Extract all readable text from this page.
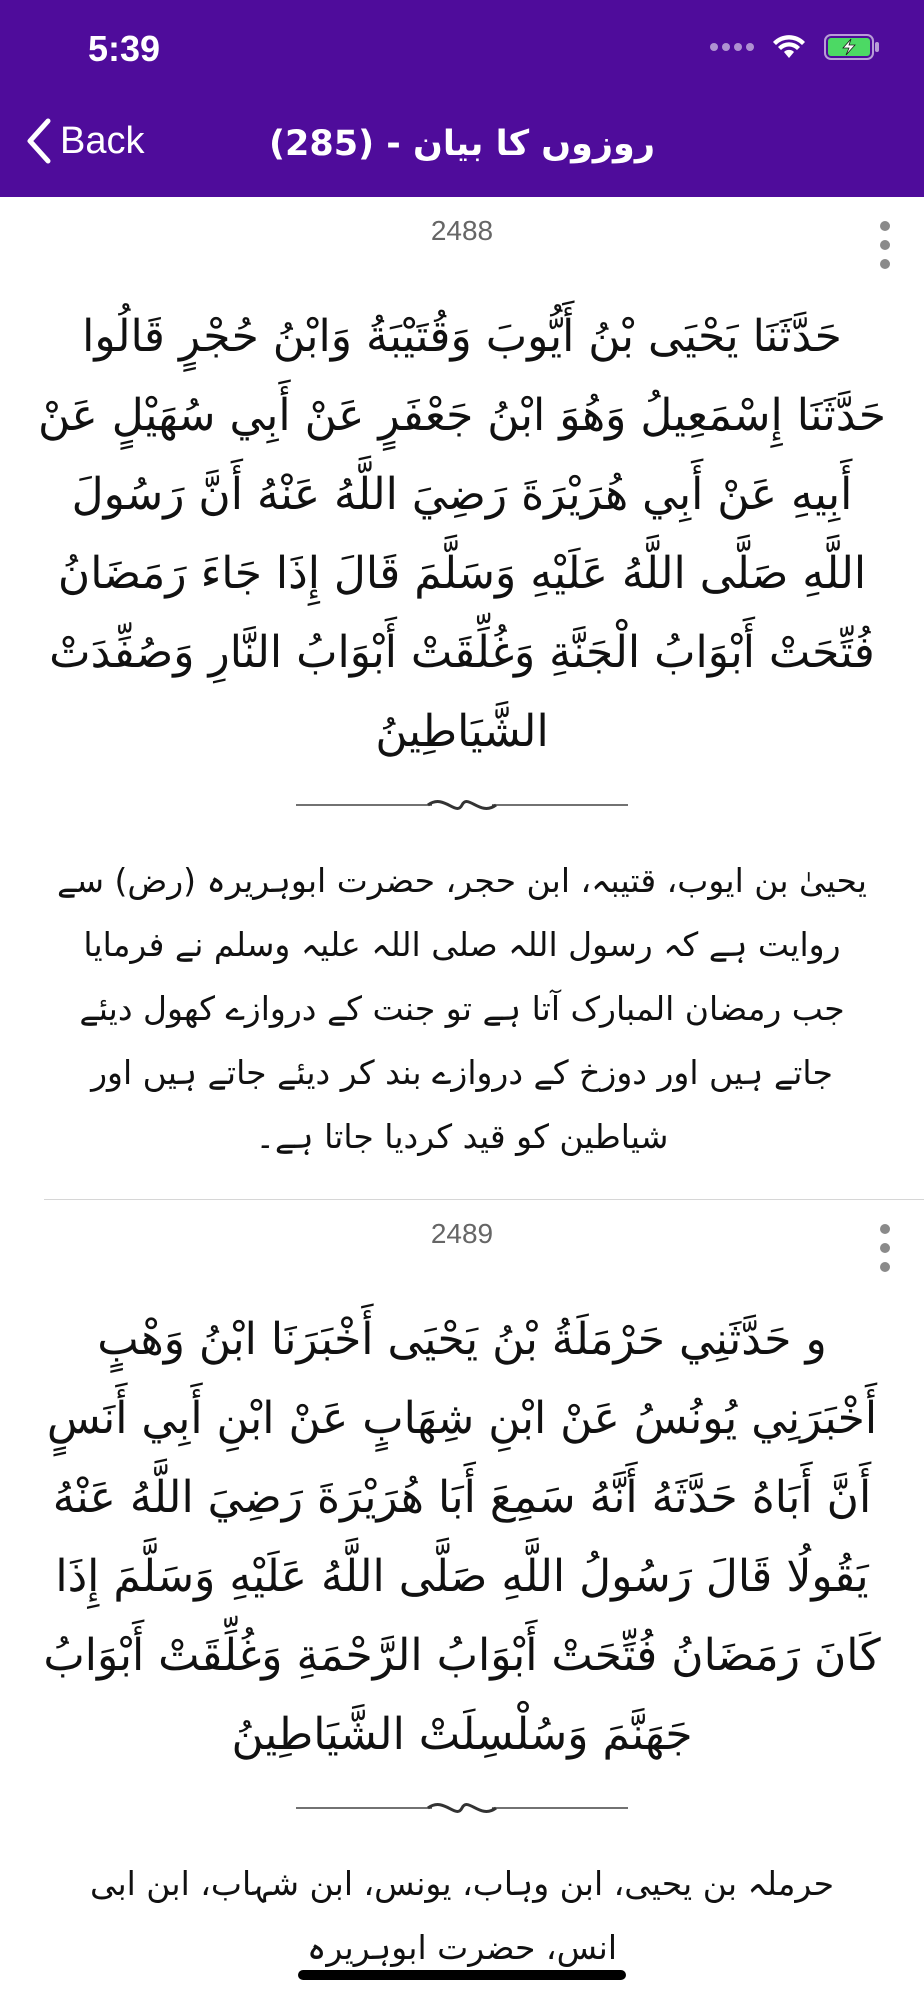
5:39
Back	روزوں کا بیان - (285)
2488

حَدَّثَنَا يَحْيَى بْنُ أَيُّوبَ وَقُتَيْبَةُ وَابْنُ حُجْرٍ قَالُوا حَدَّثَنَا إِسْمَعِيلُ وَهُوَ ابْنُ جَعْفَرٍ عَنْ أَبِي سُهَيْلٍ عَنْ أَبِيهِ عَنْ أَبِي هُرَيْرَةَ رَضِيَ اللَّهُ عَنْهُ أَنَّ رَسُولَ اللَّهِ صَلَّى اللَّهُ عَلَيْهِ وَسَلَّمَ قَالَ إِذَا جَاءَ رَمَضَانُ فُتِّحَتْ أَبْوَابُ الْجَنَّةِ وَغُلِّقَتْ أَبْوَابُ النَّارِ وَصُفِّدَتْ الشَّيَاطِينُ

یحییٰ بن ایوب، قتیبہ، ابن حجر، حضرت ابوہریرہ (رض) سے روایت ہے کہ رسول اللہ صلی اللہ علیہ وسلم نے فرمایا جب رمضان المبارک آتا ہے تو جنت کے دروازے کھول دیئے جاتے ہیں اور دوزخ کے دروازے بند کر دیئے جاتے ہیں اور شیاطین کو قید کردیا جاتا ہے۔

2489

و حَدَّثَنِي حَرْمَلَةُ بْنُ يَحْيَى أَخْبَرَنَا ابْنُ وَهْبٍ أَخْبَرَنِي يُونُسُ عَنْ ابْنِ شِهَابٍ عَنْ ابْنِ أَبِي أَنَسٍ أَنَّ أَبَاهُ حَدَّثَهُ أَنَّهُ سَمِعَ أَبَا هُرَيْرَةَ رَضِيَ اللَّهُ عَنْهُ يَقُولُا قَالَ رَسُولُ اللَّهِ صَلَّى اللَّهُ عَلَيْهِ وَسَلَّمَ إِذَا كَانَ رَمَضَانُ فُتِّحَتْ أَبْوَابُ الرَّحْمَةِ وَغُلِّقَتْ أَبْوَابُ جَهَنَّمَ وَسُلْسِلَتْ الشَّيَاطِينُ

حرملہ بن یحیی، ابن وہاب، یونس، ابن شہاب، ابن ابی انس، حضرت ابوہریرہ
